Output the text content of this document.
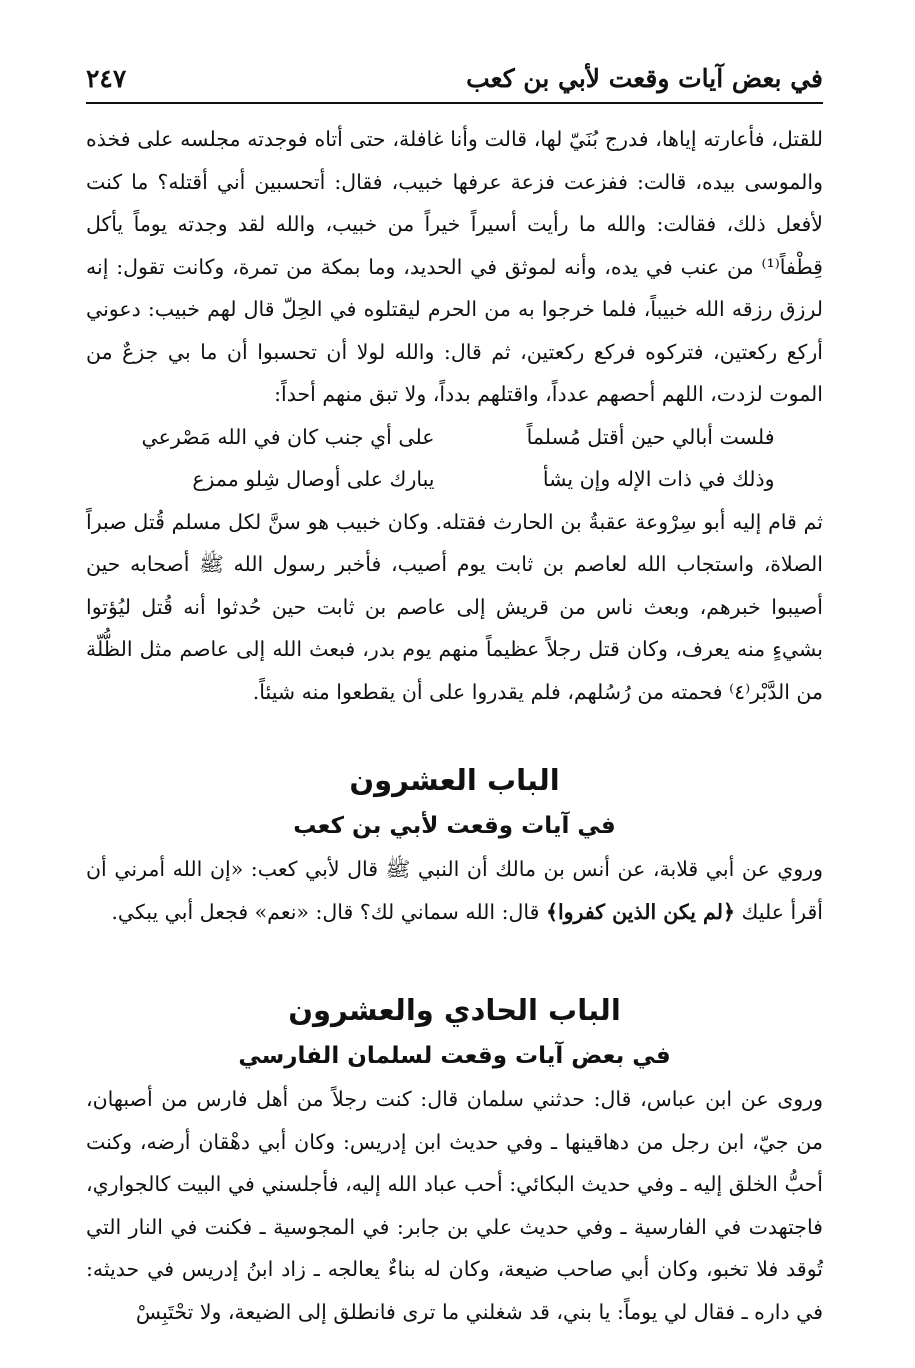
في بعض آيات وقعت لأبي بن كعب
٢٤٧

للقتل، فأعارته إياها، فدرج بُنَيّ لها، قالت وأنا غافلة، حتى أتاه فوجدته مجلسه على فخذه والموسى بيده، قالت: ففزعت فزعة عرفها خبيب، فقال: أتحسبين أني أقتله؟ ما كنت لأفعل ذلك، فقالت: والله ما رأيت أسيراً خيراً من خبيب، والله لقد وجدته يوماً يأكل قِطْفاً⁽¹⁾ من عنب في يده، وأنه لموثق في الحديد، وما بمكة من تمرة، وكانت تقول: إنه لرزق رزقه الله خبيباً، فلما خرجوا به من الحرم ليقتلوه في الحِلّ قال لهم خبيب: دعوني أركع ركعتين، فتركوه فركع ركعتين، ثم قال: والله لولا أن تحسبوا أن ما بي جزعٌ من الموت لزدت، اللهم أحصهم عدداً، واقتلهم بدداً، ولا تبق منهم أحداً:

فلست أبالي حين أقتل مُسلماً
على أي جنب كان في الله مَصْرعي
وذلك في ذات الإله وإن يشأ
يبارك على أوصال شِلو ممزع

ثم قام إليه أبو سِرْوعة عقبةُ بن الحارث فقتله. وكان خبيب هو سنَّ لكل مسلم قُتل صبراً الصلاة، واستجاب الله لعاصم بن ثابت يوم أصيب، فأخبر رسول الله ﷺ أصحابه حين أصيبوا خبرهم، وبعث ناس من قريش إلى عاصم بن ثابت حين حُدثوا أنه قُتل ليُؤتوا بشيءٍ منه يعرف، وكان قتل رجلاً عظيماً منهم يوم بدر، فبعث الله إلى عاصم مثل الظُّلّة من الدَّبْر⁽٤⁾ فحمته من رُسُلهم، فلم يقدروا على أن يقطعوا منه شيئاً.

الباب العشرون
في آيات وقعت لأبي بن كعب

وروي عن أبي قلابة، عن أنس بن مالك أن النبي ﷺ قال لأبي كعب: «إن الله أمرني أن أقرأ عليك ﴿لم يكن الذين كفروا﴾ قال: الله سماني لك؟ قال: «نعم» فجعل أبي يبكي.

الباب الحادي والعشرون
في بعض آيات وقعت لسلمان الفارسي

وروى عن ابن عباس، قال: حدثني سلمان قال: كنت رجلاً من أهل فارس من أصبهان، من جيّ، ابن رجل من دهاقينها ـ وفي حديث ابن إدريس: وكان أبي دهْقان أرضه، وكنت أحبُّ الخلق إليه ـ وفي حديث البكائي: أحب عباد الله إليه، فأجلسني في البيت كالجواري، فاجتهدت في الفارسية ـ وفي حديث علي بن جابر: في المجوسية ـ فكنت في النار التي تُوقد فلا تخبو، وكان أبي صاحب ضيعة، وكان له بناءٌ يعالجه ـ زاد ابنُ إدريس في حديثه: في داره ـ فقال لي يوماً: يا بني، قد شغلني ما ترى فانطلق إلى الضيعة، ولا تحْتَبِسْ
